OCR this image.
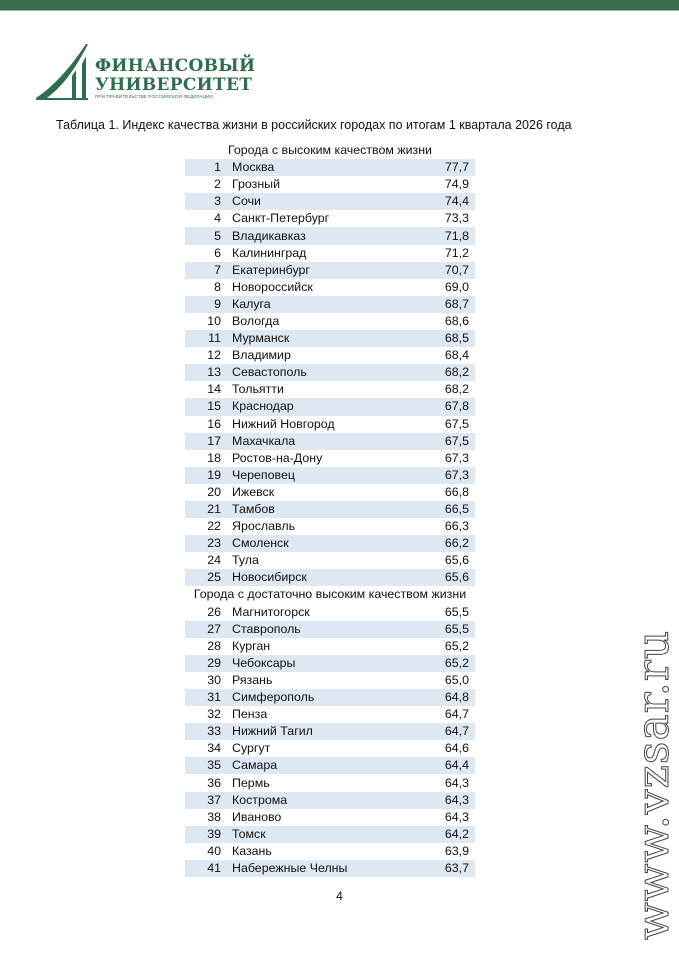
ФИНАНСОВЫЙ
УНИВЕРСИТЕТ
ПРИ ПРАВИТЕЛЬСТВЕ РОССИЙСКОЙ ФЕДЕРАЦИИ
Таблица 1. Индекс качества жизни в российских городах по итогам 1 квартала 2026 года
Города с высоким качеством жизни		
1	Москва	77,7
2	Грозный	74,9
3	Сочи	74,4
4	Санкт-Петербург	73,3
5	Владикавказ	71,8
6	Калининград	71,2
7	Екатеринбург	70,7
8	Новороссийск	69,0
9	Калуга	68,7
10	Вологда	68,6
11	Мурманск	68,5
12	Владимир	68,4
13	Севастополь	68,2
14	Тольятти	68,2
15	Краснодар	67,8
16	Нижний Новгород	67,5
17	Махачкала	67,5
18	Ростов-на-Дону	67,3
19	Череповец	67,3
20	Ижевск	66,8
21	Тамбов	66,5
22	Ярославль	66,3
23	Смоленск	66,2
24	Тула	65,6
25	Новосибирск	65,6
Города с достаточно высоким качеством жизни		
26	Магнитогорск	65,5
27	Ставрополь	65,5
28	Курган	65,2
29	Чебоксары	65,2
30	Рязань	65,0
31	Симферополь	64,8
32	Пенза	64,7
33	Нижний Тагил	64,7
34	Сургут	64,6
35	Самара	64,4
36	Пермь	64,3
37	Кострома	64,3
38	Иваново	64,3
39	Томск	64,2
40	Казань	63,9
41	Набережные Челны	63,7
4	www.vzsar.ru
